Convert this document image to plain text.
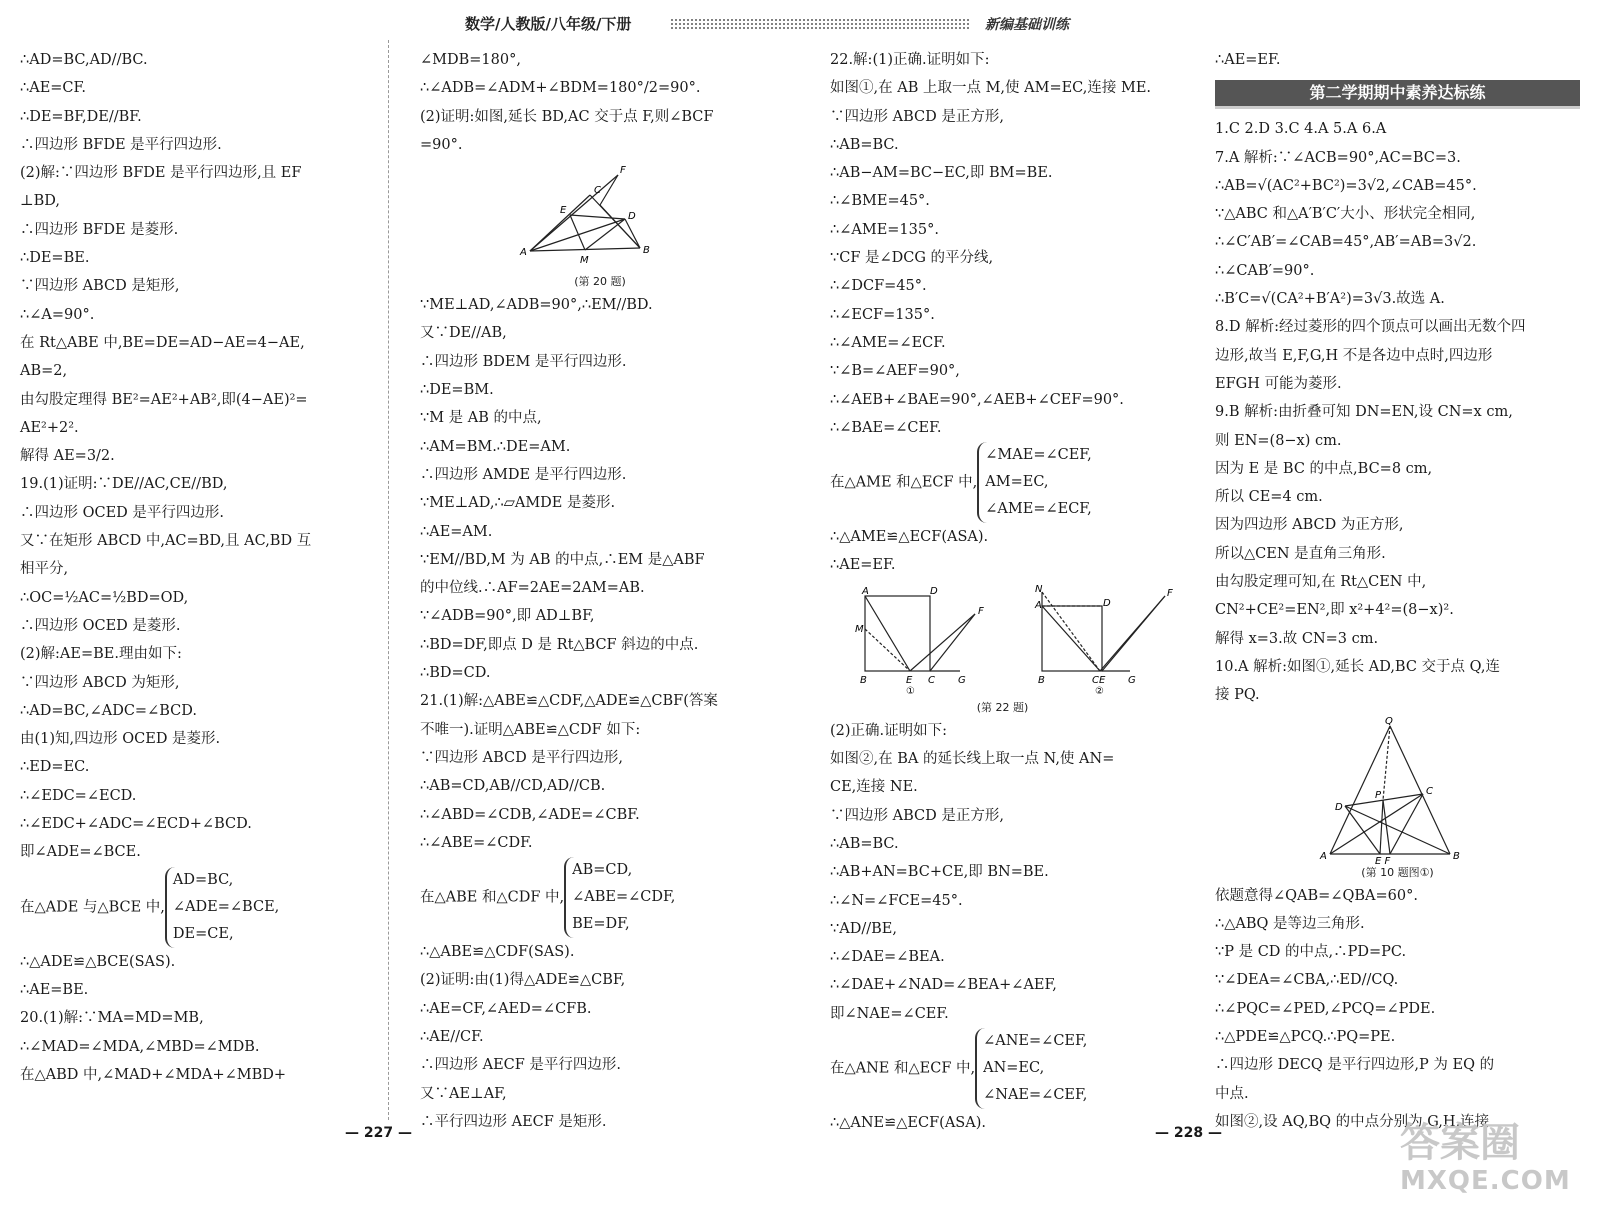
数学/人教版/八年级/下册	新编基础训练
∴AD=BC,AD//BC.
∴AE=CF.
∴DE=BF,DE//BF.
∴四边形 BFDE 是平行四边形.
(2)解:∵四边形 BFDE 是平行四边形,且 EF
⊥BD,
∴四边形 BFDE 是菱形.
∴DE=BE.
∵四边形 ABCD 是矩形,
∴∠A=90°.
在 Rt△ABE 中,BE=DE=AD−AE=4−AE,
AB=2,
由勾股定理得 BE²=AE²+AB²,即(4−AE)²=
AE²+2².
解得 AE=3/2.
19.(1)证明:∵DE//AC,CE//BD,
∴四边形 OCED 是平行四边形.
又∵在矩形 ABCD 中,AC=BD,且 AC,BD 互
相平分,
∴OC=½AC=½BD=OD,
∴四边形 OCED 是菱形.
(2)解:AE=BE.理由如下:
∵四边形 ABCD 为矩形,
∴AD=BC,∠ADC=∠BCD.
由(1)知,四边形 OCED 是菱形.
∴ED=EC.
∴∠EDC=∠ECD.
∴∠EDC+∠ADC=∠ECD+∠BCD.
即∠ADE=∠BCE.
在△ADE 与△BCE 中,
AD=BC,
∠ADE=∠BCE,
DE=CE,
∴△ADE≌△BCE(SAS).
∴AE=BE.
20.(1)解:∵MA=MD=MB,
∴∠MAD=∠MDA,∠MBD=∠MDB.
在△ABD 中,∠MAD+∠MDA+∠MBD+
∠MDB=180°,
∴∠ADB=∠ADM+∠BDM=180°/2=90°.
(2)证明:如图,延长 BD,AC 交于点 F,则∠BCF
=90°.
A	B
C
F
D
E
M
(第 20 题)
∵ME⊥AD,∠ADB=90°,∴EM//BD.
又∵DE//AB,
∴四边形 BDEM 是平行四边形.
∴DE=BM.
∵M 是 AB 的中点,
∴AM=BM.∴DE=AM.
∴四边形 AMDE 是平行四边形.
∵ME⊥AD,∴▱AMDE 是菱形.
∴AE=AM.
∵EM//BD,M 为 AB 的中点,∴EM 是△ABF
的中位线.∴AF=2AE=2AM=AB.
∵∠ADB=90°,即 AD⊥BF,
∴BD=DF,即点 D 是 Rt△BCF 斜边的中点.
∴BD=CD.
21.(1)解:△ABE≌△CDF,△ADE≌△CBF(答案
不唯一).证明△ABE≌△CDF 如下:
∵四边形 ABCD 是平行四边形,
∴AB=CD,AB//CD,AD//CB.
∴∠ABD=∠CDB,∠ADE=∠CBF.
∴∠ABE=∠CDF.
在△ABE 和△CDF 中,
AB=CD,
∠ABE=∠CDF,
BE=DF,
∴△ABE≌△CDF(SAS).
(2)证明:由(1)得△ADE≌△CBF,
∴AE=CF,∠AED=∠CFB.
∴AE//CF.
∴四边形 AECF 是平行四边形.
又∵AE⊥AF,
∴平行四边形 AECF 是矩形.
22.解:(1)正确.证明如下:
如图①,在 AB 上取一点 M,使 AM=EC,连接 ME.
∵四边形 ABCD 是正方形,
∴AB=BC.
∴AB−AM=BC−EC,即 BM=BE.
∴∠BME=45°.
∴∠AME=135°.
∵CF 是∠DCG 的平分线,
∴∠DCF=45°.
∴∠ECF=135°.
∴∠AME=∠ECF.
∵∠B=∠AEF=90°,
∴∠AEB+∠BAE=90°,∠AEB+∠CEF=90°.
∴∠BAE=∠CEF.
在△AME 和△ECF 中,
∠MAE=∠CEF,
AM=EC,
∠AME=∠ECF,
∴△AME≌△ECF(ASA).
∴AE=EF.
A	D
M
B	E C G
F
①
N
A	D
B	CE G
F
②
(第 22 题)
(2)正确.证明如下:
如图②,在 BA 的延长线上取一点 N,使 AN=
CE,连接 NE.
∵四边形 ABCD 是正方形,
∴AB=BC.
∴AB+AN=BC+CE,即 BN=BE.
∴∠N=∠FCE=45°.
∵AD//BE,
∴∠DAE=∠BEA.
∴∠DAE+∠NAD=∠BEA+∠AEF,
即∠NAE=∠CEF.
在△ANE 和△ECF 中,
∠ANE=∠CEF,
AN=EC,
∠NAE=∠CEF,
∴△ANE≌△ECF(ASA).
∴AE=EF.
第二学期期中素养达标练
1.C 2.D 3.C 4.A 5.A 6.A
7.A 解析:∵∠ACB=90°,AC=BC=3.
∴AB=√(AC²+BC²)=3√2,∠CAB=45°.
∵△ABC 和△A′B′C′大小、形状完全相同,
∴∠C′AB′=∠CAB=45°,AB′=AB=3√2.
∴∠CAB′=90°.
∴B′C=√(CA²+B′A²)=3√3.故选 A.
8.D 解析:经过菱形的四个顶点可以画出无数个四
边形,故当 E,F,G,H 不是各边中点时,四边形
EFGH 可能为菱形.
9.B 解析:由折叠可知 DN=EN,设 CN=x cm,
则 EN=(8−x) cm.
因为 E 是 BC 的中点,BC=8 cm,
所以 CE=4 cm.
因为四边形 ABCD 为正方形,
所以△CEN 是直角三角形.
由勾股定理可知,在 Rt△CEN 中,
CN²+CE²=EN²,即 x²+4²=(8−x)².
解得 x=3.故 CN=3 cm.
10.A 解析:如图①,延长 AD,BC 交于点 Q,连
接 PQ.
Q
D
C
P
A	B
E F
(第 10 题图①)
依题意得∠QAB=∠QBA=60°.
∴△ABQ 是等边三角形.
∵P 是 CD 的中点,∴PD=PC.
∵∠DEA=∠CBA,∴ED//CQ.
∴∠PQC=∠PED,∠PCQ=∠PDE.
∴△PDE≌△PCQ.∴PQ=PE.
∴四边形 DECQ 是平行四边形,P 为 EQ 的
中点.
如图②,设 AQ,BQ 的中点分别为 G,H,连接
— 227 —	— 228 —	答案圈
MXQE.COM
